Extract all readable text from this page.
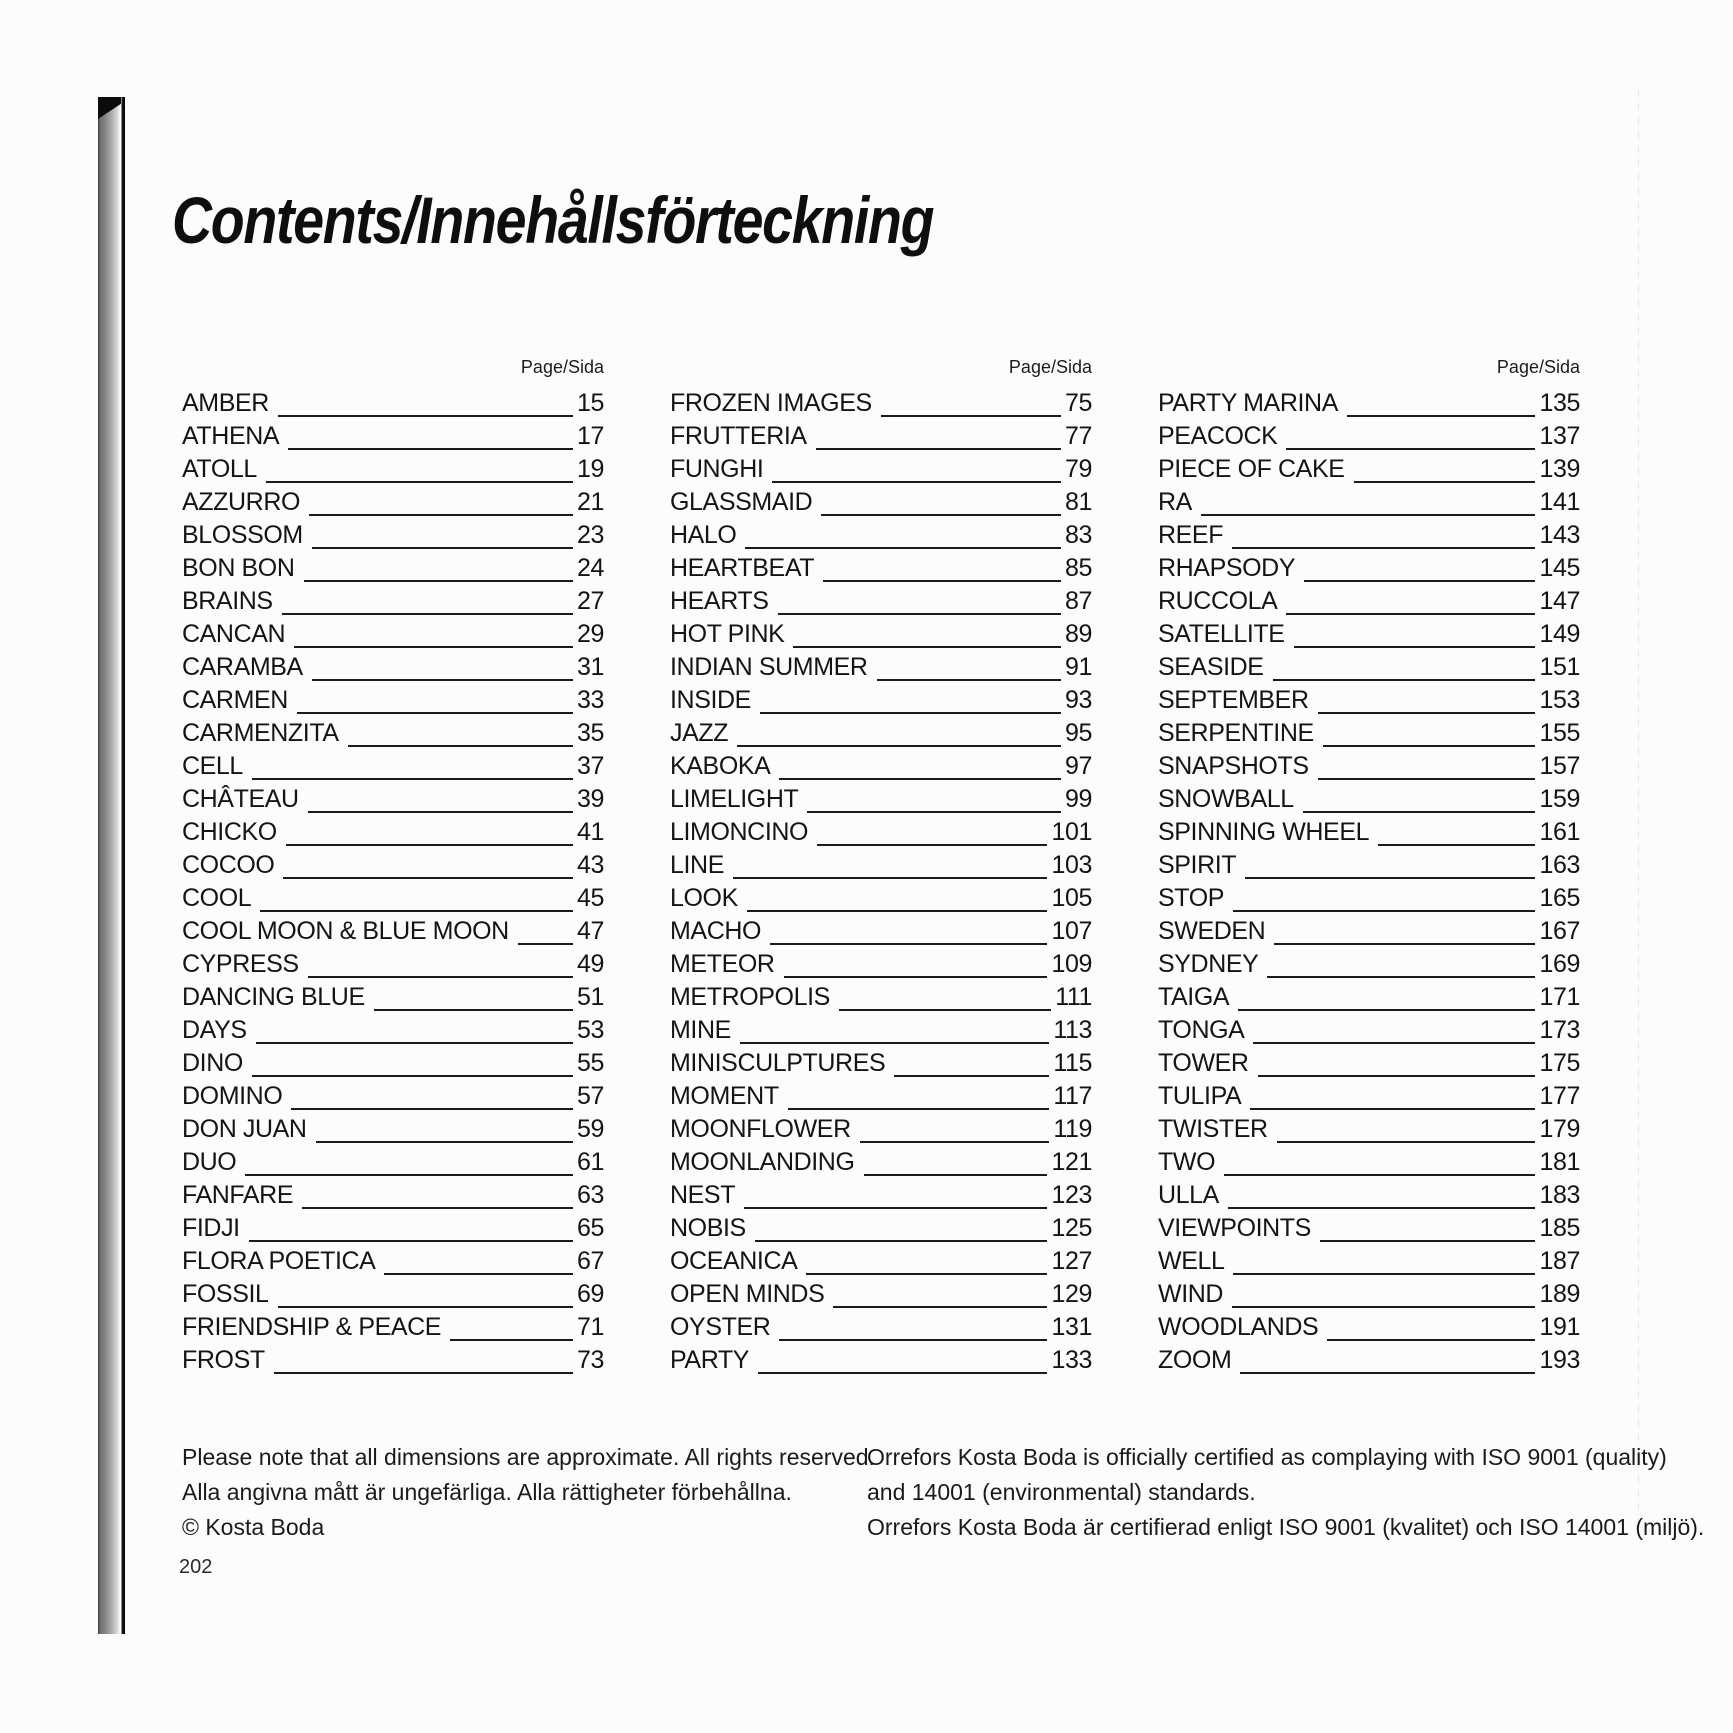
Contents/Innehållsförteckning
Page/Sida
AMBER	15
ATHENA	17
ATOLL	19
AZZURRO	21
BLOSSOM	23
BON BON	24
BRAINS	27
CANCAN	29
CARAMBA	31
CARMEN	33
CARMENZITA	35
CELL	37
CHÂTEAU	39
CHICKO	41
COCOO	43
COOL	45
COOL MOON & BLUE MOON	47
CYPRESS	49
DANCING BLUE	51
DAYS	53
DINO	55
DOMINO	57
DON JUAN	59
DUO	61
FANFARE	63
FIDJI	65
FLORA POETICA	67
FOSSIL	69
FRIENDSHIP & PEACE	71
FROST	73
Page/Sida
FROZEN IMAGES	75
FRUTTERIA	77
FUNGHI	79
GLASSMAID	81
HALO	83
HEARTBEAT	85
HEARTS	87
HOT PINK	89
INDIAN SUMMER	91
INSIDE	93
JAZZ	95
KABOKA	97
LIMELIGHT	99
LIMONCINO	101
LINE	103
LOOK	105
MACHO	107
METEOR	109
METROPOLIS	111
MINE	113
MINISCULPTURES	115
MOMENT	117
MOONFLOWER	119
MOONLANDING	121
NEST	123
NOBIS	125
OCEANICA	127
OPEN MINDS	129
OYSTER	131
PARTY	133
Page/Sida
PARTY MARINA	135
PEACOCK	137
PIECE OF CAKE	139
RA	141
REEF	143
RHAPSODY	145
RUCCOLA	147
SATELLITE	149
SEASIDE	151
SEPTEMBER	153
SERPENTINE	155
SNAPSHOTS	157
SNOWBALL	159
SPINNING WHEEL	161
SPIRIT	163
STOP	165
SWEDEN	167
SYDNEY	169
TAIGA	171
TONGA	173
TOWER	175
TULIPA	177
TWISTER	179
TWO	181
ULLA	183
VIEWPOINTS	185
WELL	187
WIND	189
WOODLANDS	191
ZOOM	193
Please note that all dimensions are approximate. All rights reserved.
Alla angivna mått är ungefärliga. Alla rättigheter förbehållna.
© Kosta Boda
Orrefors Kosta Boda is officially certified as complaying with ISO 9001 (quality)
and 14001 (environmental) standards.
Orrefors Kosta Boda är certifierad enligt ISO 9001 (kvalitet) och ISO 14001 (miljö).
202
